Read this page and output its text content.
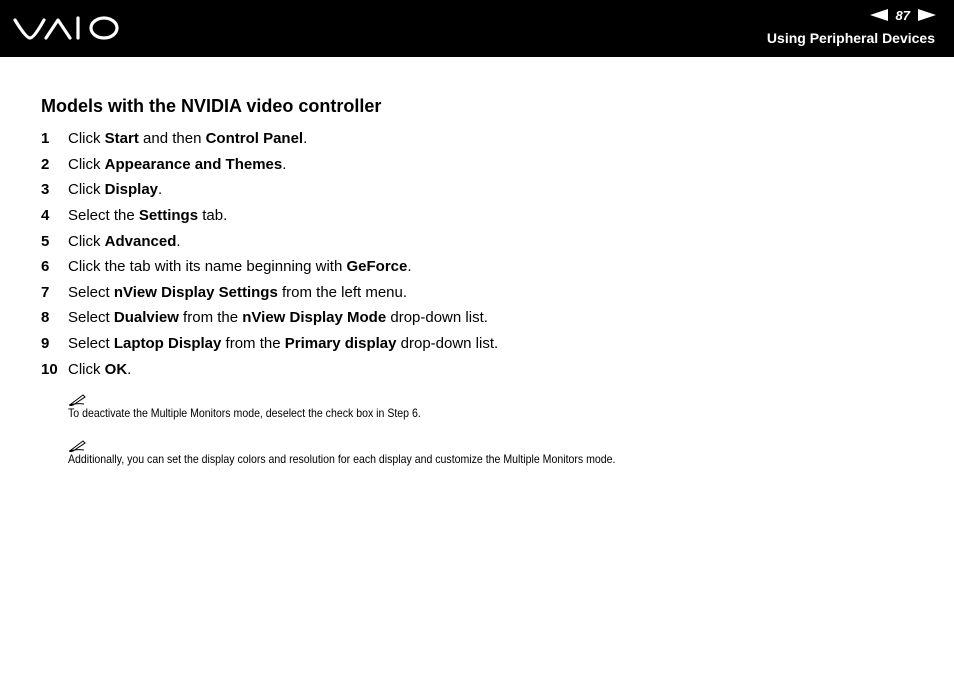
87
Using Peripheral Devices
Models with the NVIDIA video controller
1	Click Start and then Control Panel.
2	Click Appearance and Themes.
3	Click Display.
4	Select the Settings tab.
5	Click Advanced.
6	Click the tab with its name beginning with GeForce.
7	Select nView Display Settings from the left menu.
8	Select Dualview from the nView Display Mode drop-down list.
9	Select Laptop Display from the Primary display drop-down list.
10 Click OK.
To deactivate the Multiple Monitors mode, deselect the check box in Step 6.
Additionally, you can set the display colors and resolution for each display and customize the Multiple Monitors mode.
